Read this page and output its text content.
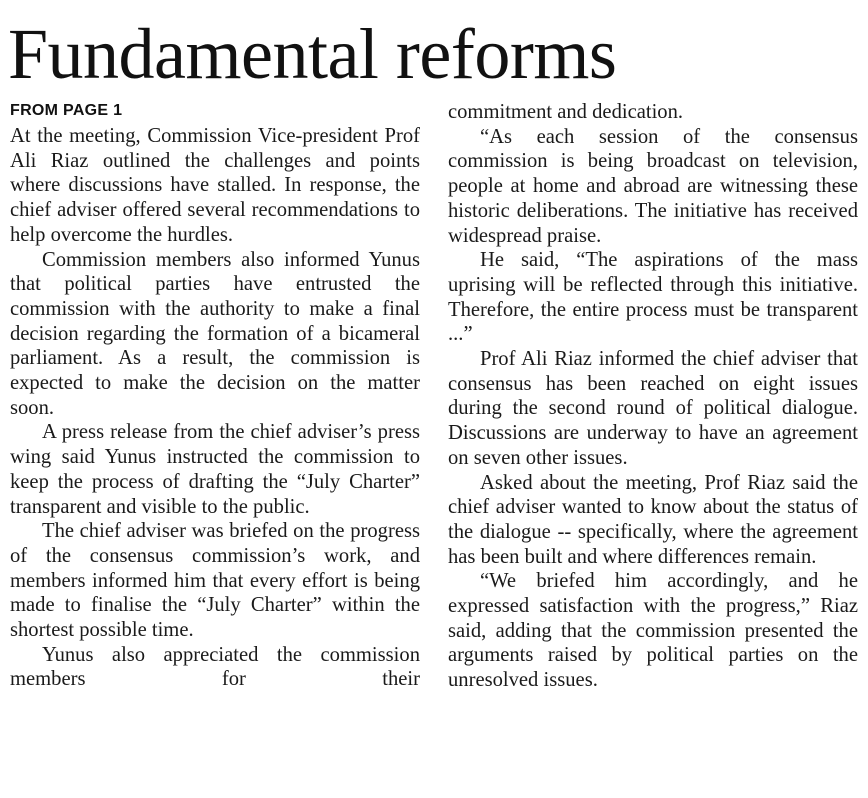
Fundamental reforms
FROM PAGE 1

At the meeting, Commission Vice-president Prof Ali Riaz outlined the challenges and points where discussions have stalled. In response, the chief adviser offered several recommendations to help overcome the hurdles.

Commission members also informed Yunus that political parties have entrusted the commission with the authority to make a final decision regarding the formation of a bicameral parliament. As a result, the commission is expected to make the decision on the matter soon.

A press release from the chief adviser’s press wing said Yunus instructed the commission to keep the process of drafting the “July Charter” transparent and visible to the public.

The chief adviser was briefed on the progress of the consensus commission’s work, and members informed him that every effort is being made to finalise the “July Charter” within the shortest possible time.

Yunus also appreciated the commission members for their

commitment and dedication.

“As each session of the consensus commission is being broadcast on television, people at home and abroad are witnessing these historic deliberations. The initiative has received widespread praise.

He said, “The aspirations of the mass uprising will be reflected through this initiative. Therefore, the entire process must be transparent ...”

Prof Ali Riaz informed the chief adviser that consensus has been reached on eight issues during the second round of political dialogue. Discussions are underway to have an agreement on seven other issues.

Asked about the meeting, Prof Riaz said the chief adviser wanted to know about the status of the dialogue -- specifically, where the agreement has been built and where differences remain.

“We briefed him accordingly, and he expressed satisfaction with the progress,” Riaz said, adding that the commission presented the arguments raised by political parties on the unresolved issues.
